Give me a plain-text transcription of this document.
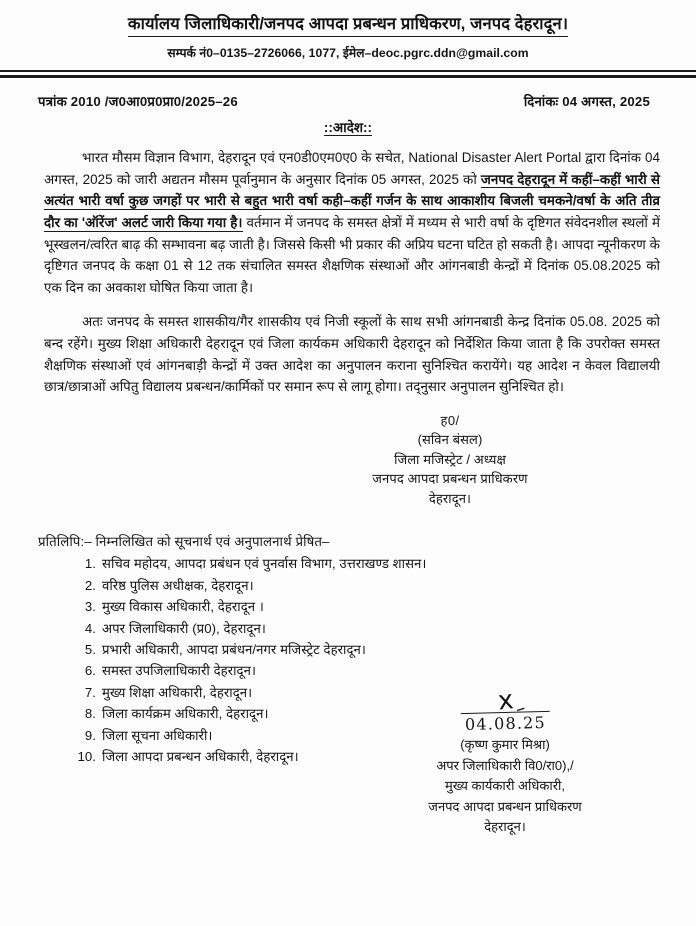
कार्यालय जिलाधिकारी/जनपद आपदा प्रबन्धन प्राधिकरण, जनपद देहरादून।
सम्पर्क नं0–0135–2726066, 1077, ईमेल–deoc.pgrc.ddn@gmail.com
पत्रांक 2010 /ज0आ0प्र0प्रा0/2025–26	दिनांकः 04 अगस्त, 2025
::आदेश::

भारत मौसम विज्ञान विभाग, देहरादून एवं एन0डी0एम0ए0 के सचेत, National Disaster Alert Portal द्वारा दिनांक 04 अगस्त, 2025 को जारी अद्यतन मौसम पूर्वानुमान के अनुसार दिनांक 05 अगस्त, 2025 को जनपद देहरादून में कहीं–कहीं भारी से अत्यंत भारी वर्षा कुछ जगहों पर भारी से बहुत भारी वर्षा कही–कहीं गर्जन के साथ आकाशीय बिजली चमकने/वर्षा के अति तीव्र दौर का 'ऑरेंज' अलर्ट जारी किया गया है। वर्तमान में जनपद के समस्त क्षेत्रों में मध्यम से भारी वर्षा के दृष्टिगत संवेदनशील स्थलों में भूस्खलन/त्वरित बाढ़ की सम्भावना बढ़ जाती है। जिससे किसी भी प्रकार की अप्रिय घटना घटित हो सकती है। आपदा न्यूनीकरण के दृष्टिगत जनपद के कक्षा 01 से 12 तक संचालित समस्त शैक्षणिक संस्थाओं और आंगनबाडी केन्द्रों में दिनांक 05.08.2025 को एक दिन का अवकाश घोषित किया जाता है।

अतः जनपद के समस्त शासकीय/गैर शासकीय एवं निजी स्कूलों के साथ सभी आंगनबाडी केन्द्र दिनांक 05.08. 2025 को बन्द रहेंगे। मुख्य शिक्षा अधिकारी देहरादून एवं जिला कार्यकम अधिकारी देहरादून को निर्देशित किया जाता है कि उपरोक्त समस्त शैक्षणिक संस्थाओं एवं आंगनबाड़ी केन्द्रों में उक्त आदेश का अनुपालन कराना सुनिश्चित करायेंगे। यह आदेश न केवल विद्यालयी छात्र/छात्राओं अपितु विद्यालय प्रबन्धन/कार्मिकों पर समान रूप से लागू होगा। तद्नुसार अनुपालन सुनिश्चित हो।

ह0/
(सविन बंसल)
जिला मजिस्ट्रेट / अध्यक्ष
जनपद आपदा प्रबन्धन प्राधिकरण
देहरादून।
प्रतिलिपि:– निम्नलिखित को सूचनार्थ एवं अनुपालनार्थ प्रेषित–
सचिव महोदय, आपदा प्रबंधन एवं पुनर्वास विभाग, उत्तराखण्ड शासन।
वरिष्ठ पुलिस अधीक्षक, देहरादून।
मुख्य विकास अधिकारी, देहरादून ।
अपर जिलाधिकारी (प्र0), देहरादून।
प्रभारी अधिकारी, आपदा प्रबंधन/नगर मजिस्ट्रेट देहरादून।
समस्त उपजिलाधिकारी देहरादून।
मुख्य शिक्षा अधिकारी, देहरादून।
जिला कार्यक्रम अधिकारी, देहरादून।
जिला सूचना अधिकारी।
जिला आपदा प्रबन्धन अधिकारी, देहरादून।
xِ
04.08.25
(कृष्ण कुमार मिश्रा)
अपर जिलाधिकारी वि0/रा0),/
मुख्य कार्यकारी अधिकारी,
जनपद आपदा प्रबन्धन प्राधिकरण
देहरादून।
